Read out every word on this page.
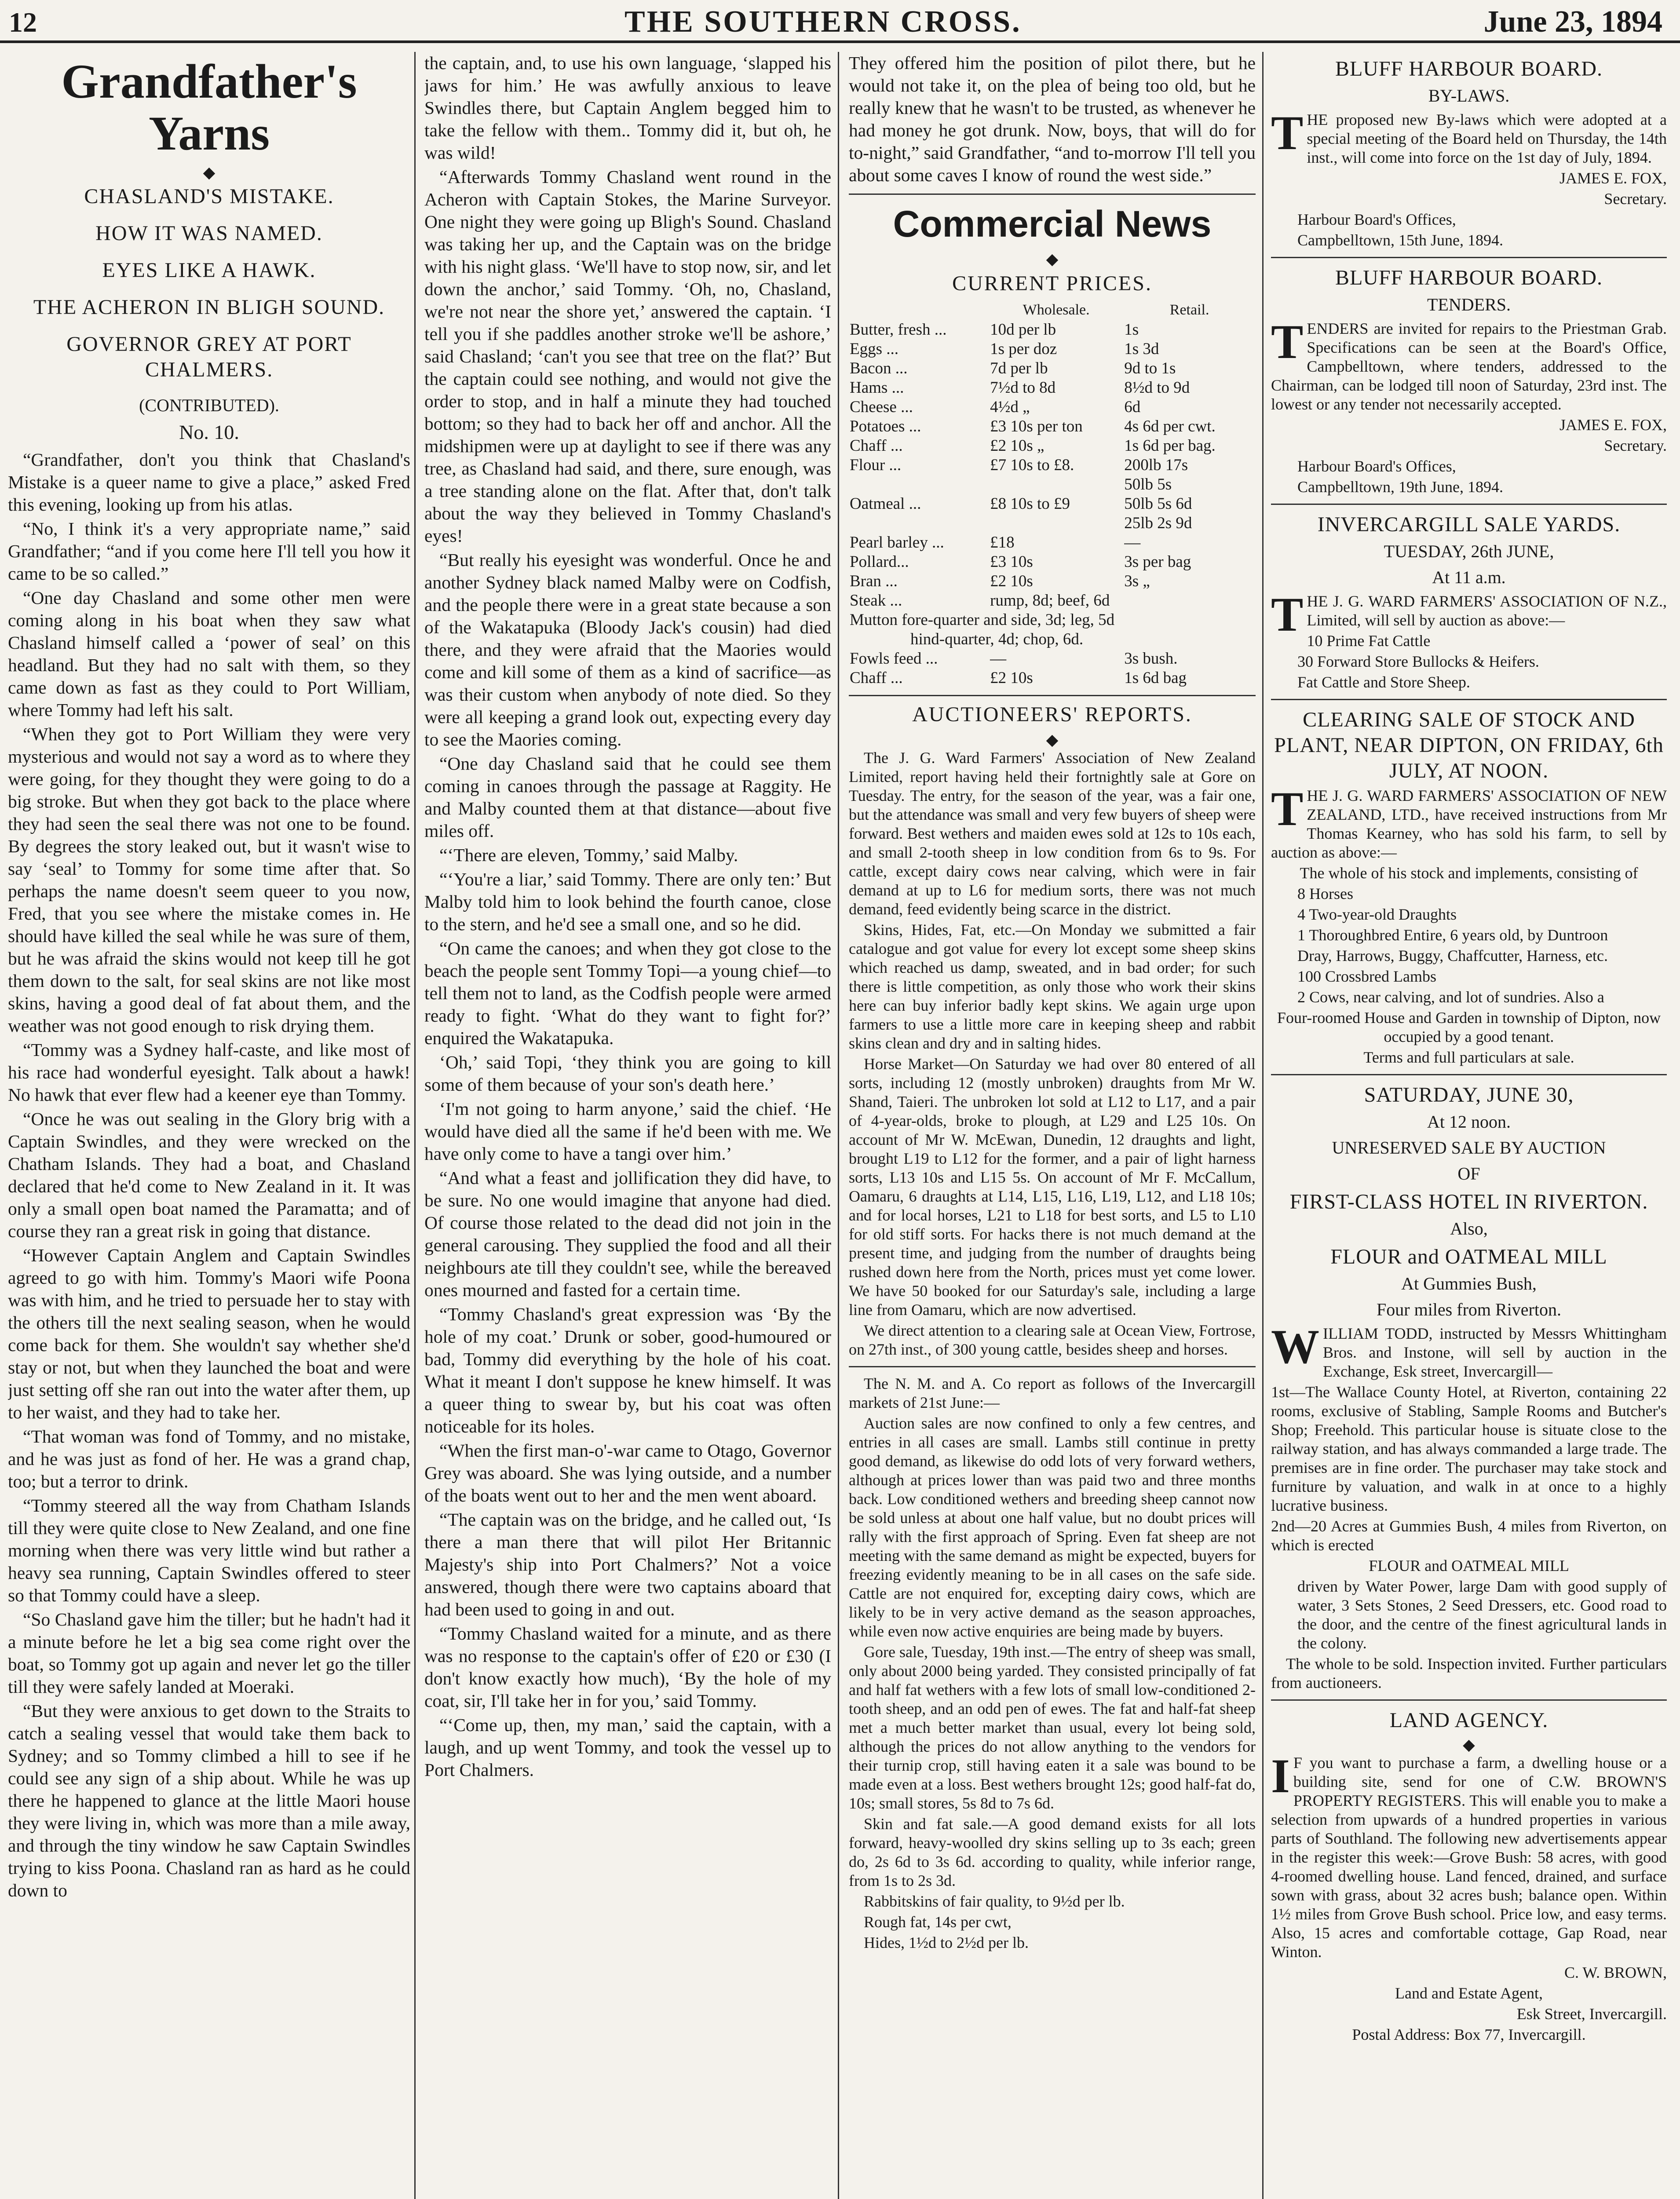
12	THE SOUTHERN CROSS.	June 23, 1894
Grandfather's Yarns
◆
CHASLAND'S MISTAKE.
HOW IT WAS NAMED.
EYES LIKE A HAWK.
THE ACHERON IN BLIGH SOUND.
GOVERNOR GREY AT PORT CHALMERS.
(CONTRIBUTED).
No. 10.

“Grandfather, don't you think that Chasland's Mistake is a queer name to give a place,” asked Fred this evening, looking up from his atlas.

“No, I think it's a very appropriate name,” said Grandfather; “and if you come here I'll tell you how it came to be so called.”

“One day Chasland and some other men were coming along in his boat when they saw what Chasland himself called a ‘power of seal’ on this headland. But they had no salt with them, so they came down as fast as they could to Port William, where Tommy had left his salt.

“When they got to Port William they were very mysterious and would not say a word as to where they were going, for they thought they were going to do a big stroke. But when they got back to the place where they had seen the seal there was not one to be found. By degrees the story leaked out, but it wasn't wise to say ‘seal’ to Tommy for some time after that. So perhaps the name doesn't seem queer to you now, Fred, that you see where the mistake comes in. He should have killed the seal while he was sure of them, but he was afraid the skins would not keep till he got them down to the salt, for seal skins are not like most skins, having a good deal of fat about them, and the weather was not good enough to risk drying them.

“Tommy was a Sydney half-caste, and like most of his race had wonderful eyesight. Talk about a hawk! No hawk that ever flew had a keener eye than Tommy.

“Once he was out sealing in the Glory brig with a Captain Swindles, and they were wrecked on the Chatham Islands. They had a boat, and Chasland declared that he'd come to New Zealand in it. It was only a small open boat named the Paramatta; and of course they ran a great risk in going that distance.

“However Captain Anglem and Captain Swindles agreed to go with him. Tommy's Maori wife Poona was with him, and he tried to persuade her to stay with the others till the next sealing season, when he would come back for them. She wouldn't say whether she'd stay or not, but when they launched the boat and were just setting off she ran out into the water after them, up to her waist, and they had to take her.

“That woman was fond of Tommy, and no mistake, and he was just as fond of her. He was a grand chap, too; but a terror to drink.

“Tommy steered all the way from Chatham Islands till they were quite close to New Zealand, and one fine morning when there was very little wind but rather a heavy sea running, Captain Swindles offered to steer so that Tommy could have a sleep.

“So Chasland gave him the tiller; but he hadn't had it a minute before he let a big sea come right over the boat, so Tommy got up again and never let go the tiller till they were safely landed at Moeraki.

“But they were anxious to get down to the Straits to catch a sealing vessel that would take them back to Sydney; and so Tommy climbed a hill to see if he could see any sign of a ship about. While he was up there he happened to glance at the little Maori house they were living in, which was more than a mile away, and through the tiny window he saw Captain Swindles trying to kiss Poona. Chasland ran as hard as he could down to

the captain, and, to use his own language, ‘slapped his jaws for him.’ He was awfully anxious to leave Swindles there, but Captain Anglem begged him to take the fellow with them.. Tommy did it, but oh, he was wild!

“Afterwards Tommy Chasland went round in the Acheron with Captain Stokes, the Marine Surveyor. One night they were going up Bligh's Sound. Chasland was taking her up, and the Captain was on the bridge with his night glass. ‘We'll have to stop now, sir, and let down the anchor,’ said Tommy. ‘Oh, no, Chasland, we're not near the shore yet,’ answered the captain. ‘I tell you if she paddles another stroke we'll be ashore,’ said Chasland; ‘can't you see that tree on the flat?’ But the captain could see nothing, and would not give the order to stop, and in half a minute they had touched bottom; so they had to back her off and anchor. All the midshipmen were up at daylight to see if there was any tree, as Chasland had said, and there, sure enough, was a tree standing alone on the flat. After that, don't talk about the way they believed in Tommy Chasland's eyes!

“But really his eyesight was wonderful. Once he and another Sydney black named Malby were on Codfish, and the people there were in a great state because a son of the Wakatapuka (Bloody Jack's cousin) had died there, and they were afraid that the Maories would come and kill some of them as a kind of sacrifice—as was their custom when anybody of note died. So they were all keeping a grand look out, expecting every day to see the Maories coming.

“One day Chasland said that he could see them coming in canoes through the passage at Raggity. He and Malby counted them at that distance—about five miles off.

“‘There are eleven, Tommy,’ said Malby.

“‘You're a liar,’ said Tommy. There are only ten:’ But Malby told him to look behind the fourth canoe, close to the stern, and he'd see a small one, and so he did.

“On came the canoes; and when they got close to the beach the people sent Tommy Topi—a young chief—to tell them not to land, as the Codfish people were armed ready to fight. ‘What do they want to fight for?’ enquired the Wakatapuka.

‘Oh,’ said Topi, ‘they think you are going to kill some of them because of your son's death here.’

‘I'm not going to harm anyone,’ said the chief. ‘He would have died all the same if he'd been with me. We have only come to have a tangi over him.’

“And what a feast and jollification they did have, to be sure. No one would imagine that anyone had died. Of course those related to the dead did not join in the general carousing. They supplied the food and all their neighbours ate till they couldn't see, while the bereaved ones mourned and fasted for a certain time.

“Tommy Chasland's great expression was ‘By the hole of my coat.’ Drunk or sober, good-humoured or bad, Tommy did everything by the hole of his coat. What it meant I don't suppose he knew himself. It was a queer thing to swear by, but his coat was often noticeable for its holes.

“When the first man-o'-war came to Otago, Governor Grey was aboard. She was lying outside, and a number of the boats went out to her and the men went aboard.

“The captain was on the bridge, and he called out, ‘Is there a man there that will pilot Her Britannic Majesty's ship into Port Chalmers?’ Not a voice answered, though there were two captains aboard that had been used to going in and out.

“Tommy Chasland waited for a minute, and as there was no response to the captain's offer of £20 or £30 (I don't know exactly how much), ‘By the hole of my coat, sir, I'll take her in for you,’ said Tommy.

“‘Come up, then, my man,’ said the captain, with a laugh, and up went Tommy, and took the vessel up to Port Chalmers.

They offered him the position of pilot there, but he would not take it, on the plea of being too old, but he really knew that he wasn't to be trusted, as whenever he had money he got drunk. Now, boys, that will do for to-night,” said Grandfather, “and to-morrow I'll tell you about some caves I know of round the west side.”

Commercial News
◆
CURRENT PRICES.
	Wholesale.	Retail.
Butter, fresh ...	10d per lb	1s
Eggs ...	1s per doz	1s 3d
Bacon ...	7d per lb	9d to 1s
Hams ...	7½d to 8d	8½d to 9d
Cheese ...	4½d „	6d
Potatoes ...	£3 10s per ton	4s 6d per cwt.
Chaff ...	£2 10s „	1s 6d per bag.
Flour ...	£7 10s to £8.	200lb 17s
		50lb 5s
Oatmeal ...	£8 10s to £9	50lb 5s 6d
		25lb 2s 9d
Pearl barley ...	£18	—
Pollard...	£3 10s	3s per bag
Bran ...	£2 10s	3s „
Steak ...	rump, 8d; beef, 6d	
Mutton fore-quarter and side, 3d; leg, 5d		
hind-quarter, 4d; chop, 6d.		
Fowls feed ...	—	3s bush.
Chaff ...	£2 10s	1s 6d bag
AUCTIONEERS' REPORTS.
◆

The J. G. Ward Farmers' Association of New Zealand Limited, report having held their fortnightly sale at Gore on Tuesday. The entry, for the season of the year, was a fair one, but the attendance was small and very few buyers of sheep were forward. Best wethers and maiden ewes sold at 12s to 10s each, and small 2-tooth sheep in low condition from 6s to 9s. For cattle, except dairy cows near calving, which were in fair demand at up to L6 for medium sorts, there was not much demand, feed evidently being scarce in the district.

Skins, Hides, Fat, etc.—On Monday we submitted a fair catalogue and got value for every lot except some sheep skins which reached us damp, sweated, and in bad order; for such there is little competition, as only those who work their skins here can buy inferior badly kept skins. We again urge upon farmers to use a little more care in keeping sheep and rabbit skins clean and dry and in salting hides.

Horse Market—On Saturday we had over 80 entered of all sorts, including 12 (mostly unbroken) draughts from Mr W. Shand, Taieri. The unbroken lot sold at L12 to L17, and a pair of 4-year-olds, broke to plough, at L29 and L25 10s. On account of Mr W. McEwan, Dunedin, 12 draughts and light, brought L19 to L12 for the former, and a pair of light harness sorts, L13 10s and L15 5s. On account of Mr F. McCallum, Oamaru, 6 draughts at L14, L15, L16, L19, L12, and L18 10s; and for local horses, L21 to L18 for best sorts, and L5 to L10 for old stiff sorts. For hacks there is not much demand at the present time, and judging from the number of draughts being rushed down here from the North, prices must yet come lower. We have 50 booked for our Saturday's sale, including a large line from Oamaru, which are now advertised.

We direct attention to a clearing sale at Ocean View, Fortrose, on 27th inst., of 300 young cattle, besides sheep and horses.

The N. M. and A. Co report as follows of the Invercargill markets of 21st June:—

Auction sales are now confined to only a few centres, and entries in all cases are small. Lambs still continue in pretty good demand, as likewise do odd lots of very forward wethers, although at prices lower than was paid two and three months back. Low conditioned wethers and breeding sheep cannot now be sold unless at about one half value, but no doubt prices will rally with the first approach of Spring. Even fat sheep are not meeting with the same demand as might be expected, buyers for freezing evidently meaning to be in all cases on the safe side. Cattle are not enquired for, excepting dairy cows, which are likely to be in very active demand as the season approaches, while even now active enquiries are being made by buyers.

Gore sale, Tuesday, 19th inst.—The entry of sheep was small, only about 2000 being yarded. They consisted principally of fat and half fat wethers with a few lots of small low-conditioned 2-tooth sheep, and an odd pen of ewes. The fat and half-fat sheep met a much better market than usual, every lot being sold, although the prices do not allow anything to the vendors for their turnip crop, still having eaten it a sale was bound to be made even at a loss. Best wethers brought 12s; good half-fat do, 10s; small stores, 5s 8d to 7s 6d.

Skin and fat sale.—A good demand exists for all lots forward, heavy-woolled dry skins selling up to 3s each; green do, 2s 6d to 3s 6d. according to quality, while inferior range, from 1s to 2s 3d.

Rabbitskins of fair quality, to 9½d per lb.

Rough fat, 14s per cwt,

Hides, 1½d to 2½d per lb.

BLUFF HARBOUR BOARD.
BY-LAWS.

THE proposed new By-laws which were adopted at a special meeting of the Board held on Thursday, the 14th inst., will come into force on the 1st day of July, 1894.

JAMES E. FOX,

Secretary.

Harbour Board's Offices,

Campbelltown, 15th June, 1894.

BLUFF HARBOUR BOARD.
TENDERS.

TENDERS are invited for repairs to the Priestman Grab. Specifications can be seen at the Board's Office, Campbelltown, where tenders, addressed to the Chairman, can be lodged till noon of Saturday, 23rd inst. The lowest or any tender not necessarily accepted.

JAMES E. FOX,

Secretary.

Harbour Board's Offices,

Campbelltown, 19th June, 1894.

INVERCARGILL SALE YARDS.
TUESDAY, 26th JUNE,
At 11 a.m.

THE J. G. WARD FARMERS' ASSOCIATION OF N.Z., Limited, will sell by auction as above:—

10 Prime Fat Cattle

30 Forward Store Bullocks & Heifers.

Fat Cattle and Store Sheep.

CLEARING SALE OF STOCK AND PLANT, NEAR DIPTON, ON FRIDAY, 6th JULY, AT NOON.

THE J. G. WARD FARMERS' ASSOCIATION OF NEW ZEALAND, LTD., have received instructions from Mr Thomas Kearney, who has sold his farm, to sell by auction as above:—

The whole of his stock and implements, consisting of

8 Horses

4 Two-year-old Draughts

1 Thoroughbred Entire, 6 years old, by Duntroon

Dray, Harrows, Buggy, Chaffcutter, Harness, etc.

100 Crossbred Lambs

2 Cows, near calving, and lot of sundries. Also a

Four-roomed House and Garden in township of Dipton, now occupied by a good tenant.

Terms and full particulars at sale.

SATURDAY, JUNE 30,
At 12 noon.
UNRESERVED SALE BY AUCTION
OF
FIRST-CLASS HOTEL IN RIVERTON.
Also,
FLOUR and OATMEAL MILL
At Gummies Bush,
Four miles from Riverton.

WILLIAM TODD, instructed by Messrs Whittingham Bros. and Instone, will sell by auction in the Exchange, Esk street, Invercargill—

1st—The Wallace County Hotel, at Riverton, containing 22 rooms, exclusive of Stabling, Sample Rooms and Butcher's Shop; Freehold. This particular house is situate close to the railway station, and has always commanded a large trade. The premises are in fine order. The purchaser may take stock and furniture by valuation, and walk in at once to a highly lucrative business.

2nd—20 Acres at Gummies Bush, 4 miles from Riverton, on which is erected

FLOUR and OATMEAL MILL

driven by Water Power, large Dam with good supply of water, 3 Sets Stones, 2 Seed Dressers, etc. Good road to the door, and the centre of the finest agricultural lands in the colony.

The whole to be sold. Inspection invited. Further particulars from auctioneers.

LAND AGENCY.
◆

I F you want to purchase a farm, a dwelling house or a building site, send for one of C.W. BROWN'S PROPERTY REGISTERS. This will enable you to make a selection from upwards of a hundred properties in various parts of Southland. The following new advertisements appear in the register this week:—Grove Bush: 58 acres, with good 4-roomed dwelling house. Land fenced, drained, and surface sown with grass, about 32 acres bush; balance open. Within 1½ miles from Grove Bush school. Price low, and easy terms. Also, 15 acres and comfortable cottage, Gap Road, near Winton.

C. W. BROWN,

Land and Estate Agent,

Esk Street, Invercargill.

Postal Address: Box 77, Invercargill.
